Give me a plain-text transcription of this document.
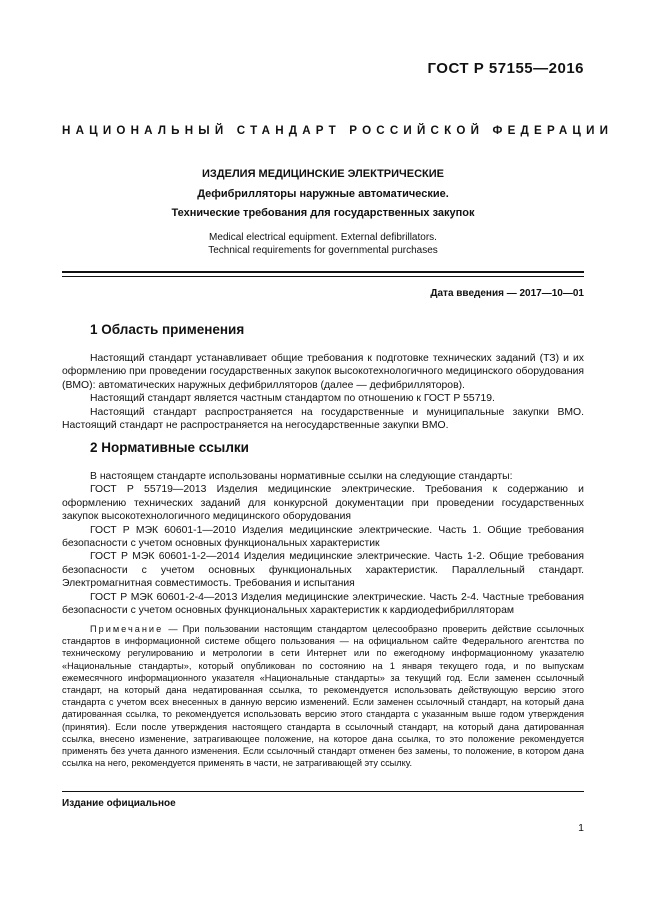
ГОСТ Р 57155—2016
НАЦИОНАЛЬНЫЙ СТАНДАРТ РОССИЙСКОЙ ФЕДЕРАЦИИ
ИЗДЕЛИЯ МЕДИЦИНСКИЕ ЭЛЕКТРИЧЕСКИЕ
Дефибрилляторы наружные автоматические.
Технические требования для государственных закупок
Medical electrical equipment. External defibrillators.
Technical requirements for governmental purchases
Дата введения — 2017—10—01
1 Область применения

Настоящий стандарт устанавливает общие требования к подготовке технических заданий (ТЗ) и их оформлению при проведении государственных закупок высокотехнологичного медицинского оборудования (ВМО): автоматических наружных дефибрилляторов (далее — дефибрилляторов).

Настоящий стандарт является частным стандартом по отношению к ГОСТ Р 55719.

Настоящий стандарт распространяется на государственные и муниципальные закупки ВМО. Настоящий стандарт не распространяется на негосударственные закупки ВМО.

2 Нормативные ссылки

В настоящем стандарте использованы нормативные ссылки на следующие стандарты:

ГОСТ Р 55719—2013 Изделия медицинские электрические. Требования к содержанию и оформлению технических заданий для конкурсной документации при проведении государственных закупок высокотехнологичного медицинского оборудования

ГОСТ Р МЭК 60601-1—2010 Изделия медицинские электрические. Часть 1. Общие требования безопасности с учетом основных функциональных характеристик

ГОСТ Р МЭК 60601-1-2—2014 Изделия медицинские электрические. Часть 1-2. Общие требования безопасности с учетом основных функциональных характеристик. Параллельный стандарт. Электромагнитная совместимость. Требования и испытания

ГОСТ Р МЭК 60601-2-4—2013 Изделия медицинские электрические. Часть 2-4. Частные требования безопасности с учетом основных функциональных характеристик к кардиодефибрилляторам

Примечание — При пользовании настоящим стандартом целесообразно проверить действие ссылочных стандартов в информационной системе общего пользования — на официальном сайте Федерального агентства по техническому регулированию и метрологии в сети Интернет или по ежегодному информационному указателю «Национальные стандарты», который опубликован по состоянию на 1 января текущего года, и по выпускам ежемесячного информационного указателя «Национальные стандарты» за текущий год. Если заменен ссылочный стандарт, на который дана недатированная ссылка, то рекомендуется использовать действующую версию этого стандарта с учетом всех внесенных в данную версию изменений. Если заменен ссылочный стандарт, на который дана датированная ссылка, то рекомендуется использовать версию этого стандарта с указанным выше годом утверждения (принятия). Если после утверждения настоящего стандарта в ссылочный стандарт, на который дана датированная ссылка, внесено изменение, затрагивающее положение, на которое дана ссылка, то это положение рекомендуется применять без учета данного изменения. Если ссылочный стандарт отменен без замены, то положение, в котором дана ссылка на него, рекомендуется применять в части, не затрагивающей эту ссылку.

Издание официальное
1
